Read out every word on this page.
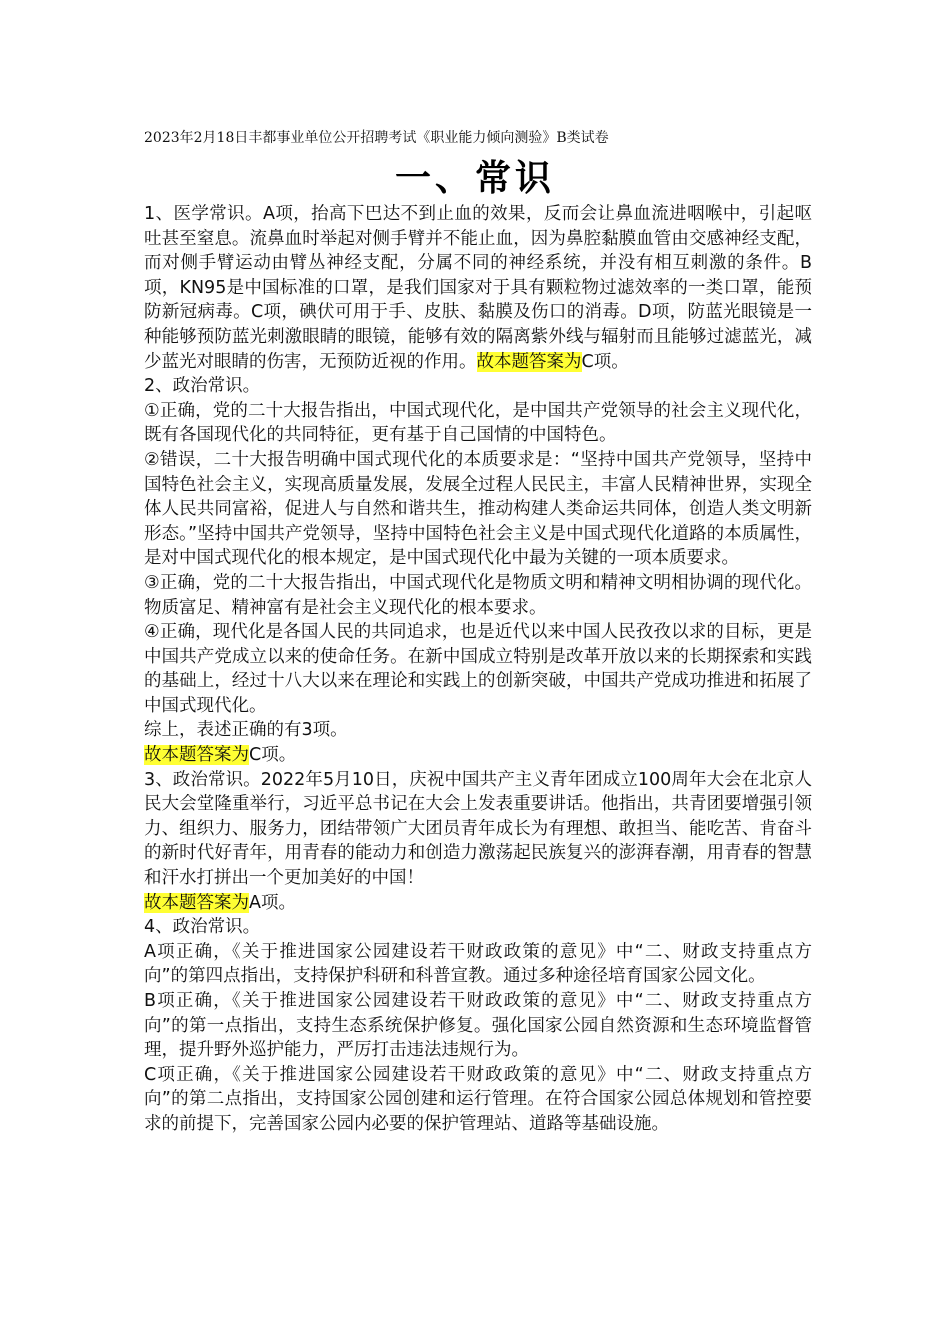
2023年2月18日丰都事业单位公开招聘考试《职业能力倾向测验》B类试卷
一、常识

1、医学常识。A项，抬高下巴达不到止血的效果，反而会让鼻血流进咽喉中，引起呕吐甚至窒息。流鼻血时举起对侧手臂并不能止血，因为鼻腔黏膜血管由交感神经支配，而对侧手臂运动由臂丛神经支配，分属不同的神经系统，并没有相互刺激的条件。B项，KN95是中国标准的口罩，是我们国家对于具有颗粒物过滤效率的一类口罩，能预防新冠病毒。C项，碘伏可用于手、皮肤、黏膜及伤口的消毒。D项，防蓝光眼镜是一种能够预防蓝光刺激眼睛的眼镜，能够有效的隔离紫外线与辐射而且能够过滤蓝光，减少蓝光对眼睛的伤害，无预防近视的作用。故本题答案为C项。

2、政治常识。

①正确，党的二十大报告指出，中国式现代化，是中国共产党领导的社会主义现代化，既有各国现代化的共同特征，更有基于自己国情的中国特色。

②错误，二十大报告明确中国式现代化的本质要求是：“坚持中国共产党领导，坚持中国特色社会主义，实现高质量发展，发展全过程人民民主，丰富人民精神世界，实现全体人民共同富裕，促进人与自然和谐共生，推动构建人类命运共同体，创造人类文明新形态。”坚持中国共产党领导，坚持中国特色社会主义是中国式现代化道路的本质属性，是对中国式现代化的根本规定，是中国式现代化中最为关键的一项本质要求。

③正确，党的二十大报告指出，中国式现代化是物质文明和精神文明相协调的现代化。物质富足、精神富有是社会主义现代化的根本要求。

④正确，现代化是各国人民的共同追求，也是近代以来中国人民孜孜以求的目标，更是中国共产党成立以来的使命任务。在新中国成立特别是改革开放以来的长期探索和实践的基础上，经过十八大以来在理论和实践上的创新突破，中国共产党成功推进和拓展了中国式现代化。

综上，表述正确的有3项。

故本题答案为C项。

3、政治常识。2022年5月10日，庆祝中国共产主义青年团成立100周年大会在北京人民大会堂隆重举行，习近平总书记在大会上发表重要讲话。他指出，共青团要增强引领力、组织力、服务力，团结带领广大团员青年成长为有理想、敢担当、能吃苦、肯奋斗的新时代好青年，用青春的能动力和创造力激荡起民族复兴的澎湃春潮，用青春的智慧和汗水打拼出一个更加美好的中国！

故本题答案为A项。

4、政治常识。

A项正确，《关于推进国家公园建设若干财政政策的意见》中“二、财政支持重点方向”的第四点指出，支持保护科研和科普宣教。通过多种途径培育国家公园文化。

B项正确，《关于推进国家公园建设若干财政政策的意见》中“二、财政支持重点方向”的第一点指出，支持生态系统保护修复。强化国家公园自然资源和生态环境监督管理，提升野外巡护能力，严厉打击违法违规行为。

C项正确，《关于推进国家公园建设若干财政政策的意见》中“二、财政支持重点方向”的第二点指出，支持国家公园创建和运行管理。在符合国家公园总体规划和管控要求的前提下，完善国家公园内必要的保护管理站、道路等基础设施。
